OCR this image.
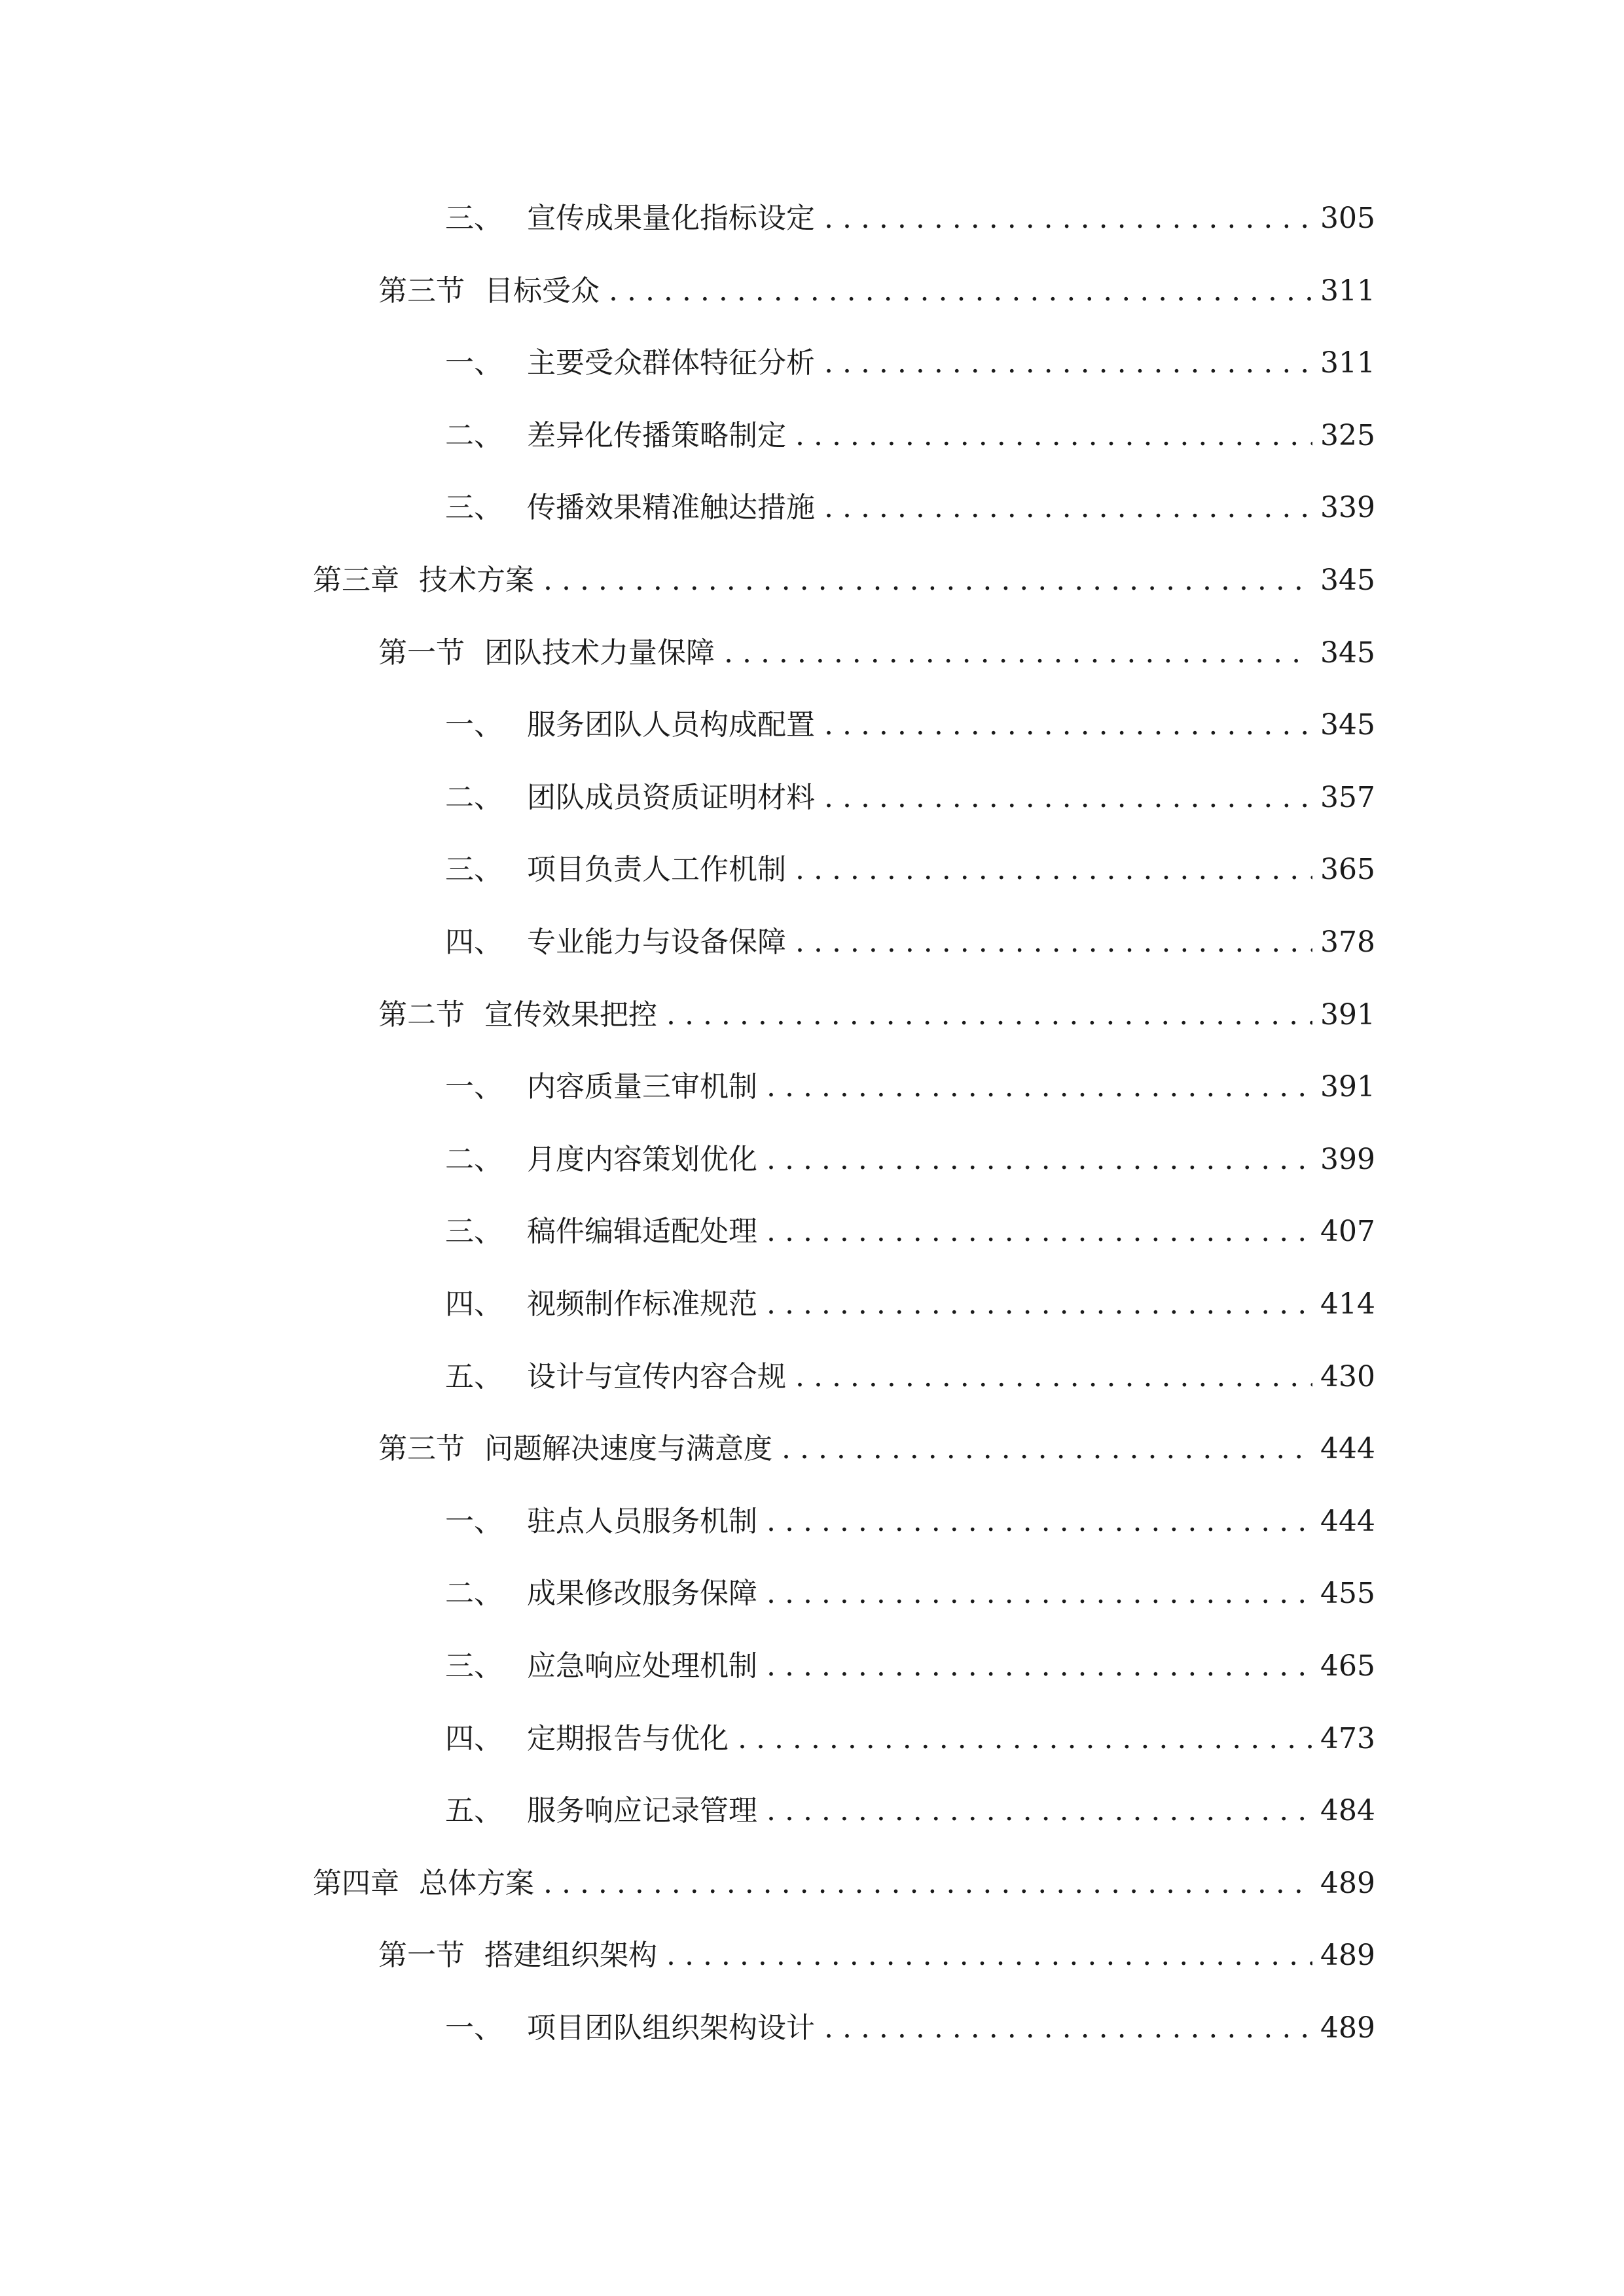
三、 宣传成果量化指标设定 . . .	305
第三节 目标受众 . . .	311
一、 主要受众群体特征分析 . . .	311
二、 差异化传播策略制定 . . .	325
三、 传播效果精准触达措施 . . .	339
第三章 技术方案 . . .	345
第一节 团队技术力量保障 . . .	345
一、 服务团队人员构成配置 . . .	345
二、 团队成员资质证明材料 . . .	357
三、 项目负责人工作机制 . . .	365
四、 专业能力与设备保障 . . .	378
第二节 宣传效果把控 . . .	391
一、 内容质量三审机制 . . .	391
二、 月度内容策划优化 . . .	399
三、 稿件编辑适配处理 . . .	407
四、 视频制作标准规范 . . .	414
五、 设计与宣传内容合规 . . .	430
第三节 问题解决速度与满意度 . . .	444
一、 驻点人员服务机制 . . .	444
二、 成果修改服务保障 . . .	455
三、 应急响应处理机制 . . .	465
四、 定期报告与优化 . . .	473
五、 服务响应记录管理 . . .	484
第四章 总体方案 . . .	489
第一节 搭建组织架构 . . .	489
一、 项目团队组织架构设计 . . .	489
